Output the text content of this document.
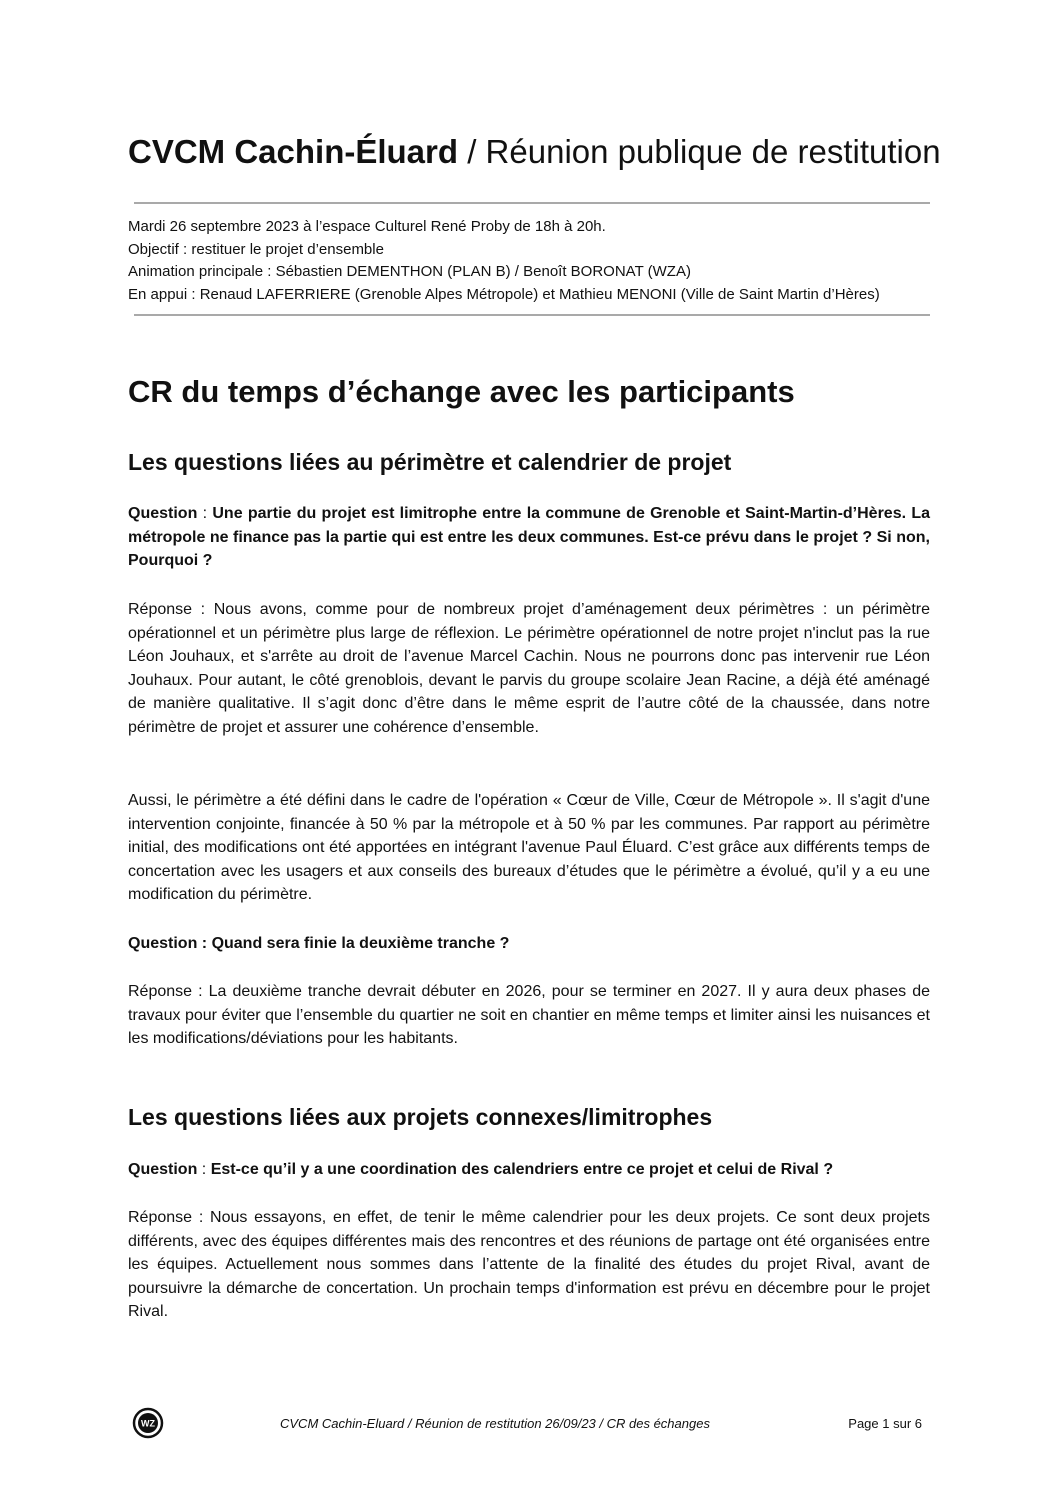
CVCM Cachin-Éluard / Réunion publique de restitution
Mardi 26 septembre 2023 à l’espace Culturel René Proby de 18h à 20h.
Objectif : restituer le projet d’ensemble
Animation principale : Sébastien DEMENTHON (PLAN B) / Benoît BORONAT (WZA)
En appui : Renaud LAFERRIERE (Grenoble Alpes Métropole) et Mathieu MENONI (Ville de Saint Martin d’Hères)
CR du temps d’échange avec les participants
Les questions liées au périmètre et calendrier de projet
Question : Une partie du projet est limitrophe entre la commune de Grenoble et Saint-Martin-d’Hères. La métropole ne finance pas la partie qui est entre les deux communes. Est-ce prévu dans le projet ? Si non, Pourquoi ?
Réponse : Nous avons, comme pour de nombreux projet d’aménagement deux périmètres : un périmètre opérationnel et un périmètre plus large de réflexion. Le périmètre opérationnel de notre projet n'inclut pas la rue Léon Jouhaux, et s'arrête au droit de l’avenue Marcel Cachin. Nous ne pourrons donc pas intervenir rue Léon Jouhaux. Pour autant, le côté grenoblois, devant le parvis du groupe scolaire Jean Racine, a déjà été aménagé de manière qualitative. Il s’agit donc d’être dans le même esprit de l’autre côté de la chaussée, dans notre périmètre de projet et assurer une cohérence d’ensemble.
Aussi, le périmètre a été défini dans le cadre de l'opération « Cœur de Ville, Cœur de Métropole ». Il s'agit d'une intervention conjointe, financée à 50 % par la métropole et à 50 % par les communes. Par rapport au périmètre initial, des modifications ont été apportées en intégrant l'avenue Paul Éluard. C’est grâce aux différents temps de concertation avec les usagers et aux conseils des bureaux d’études que le périmètre a évolué, qu’il y a eu une modification du périmètre.
Question : Quand sera finie la deuxième tranche ?
Réponse : La deuxième tranche devrait débuter en 2026, pour se terminer en 2027. Il y aura deux phases de travaux pour éviter que l’ensemble du quartier ne soit en chantier en même temps et limiter ainsi les nuisances et les modifications/déviations pour les habitants.
Les questions liées aux projets connexes/limitrophes
Question : Est-ce qu’il y a une coordination des calendriers entre ce projet et celui de Rival ?
Réponse : Nous essayons, en effet, de tenir le même calendrier pour les deux projets. Ce sont deux projets différents, avec des équipes différentes mais des rencontres et des réunions de partage ont été organisées entre les équipes. Actuellement nous sommes dans l’attente de la finalité des études du projet Rival, avant de poursuivre la démarche de concertation. Un prochain temps d'information est prévu en décembre pour le projet Rival.
WZ	CVCM Cachin-Eluard / Réunion de restitution 26/09/23 / CR des échanges	Page 1 sur 6
